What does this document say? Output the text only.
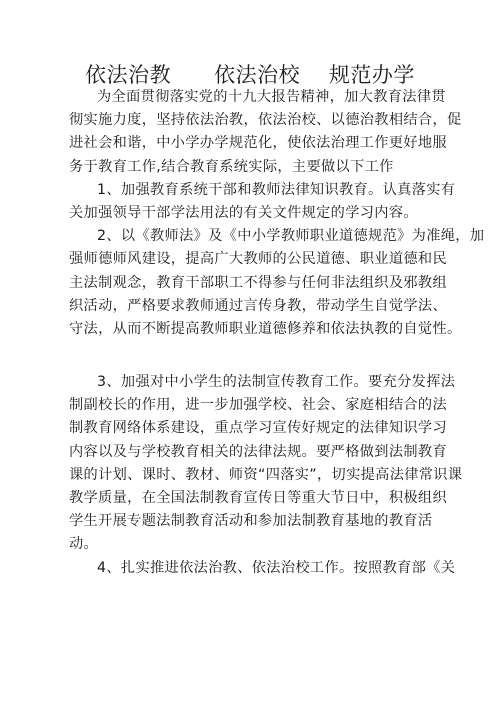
依法治教      依法治校    规范办学
为全面贯彻落实党的十九大报告精神，加大教育法律贯
彻实施力度，坚持依法治教，依法治校、以德治教相结合，促
进社会和谐，中小学办学规范化，使依法治理工作更好地服
务于教育工作,结合教育系统实际，主要做以下工作
1、加强教育系统干部和教师法律知识教育。认真落实有
关加强领导干部学法用法的有关文件规定的学习内容。
2、以《教师法》及《中小学教师职业道德规范》为准绳，加
强师德师风建设，提高广大教师的公民道德、职业道德和民
主法制观念，教育干部职工不得参与任何非法组织及邪教组
织活动，严格要求教师通过言传身教，带动学生自觉学法、
守法，从而不断提高教师职业道德修养和依法执教的自觉性。
3、加强对中小学生的法制宣传教育工作。要充分发挥法
制副校长的作用，进一步加强学校、社会、家庭相结合的法
制教育网络体系建设，重点学习宣传好规定的法律知识学习
内容以及与学校教育相关的法律法规。要严格做到法制教育
课的计划、课时、教材、师资“四落实”，切实提高法律常识课
教学质量，在全国法制教育宣传日等重大节日中，积极组织
学生开展专题法制教育活动和参加法制教育基地的教育活
动。
4、扎实推进依法治教、依法治校工作。按照教育部《关
